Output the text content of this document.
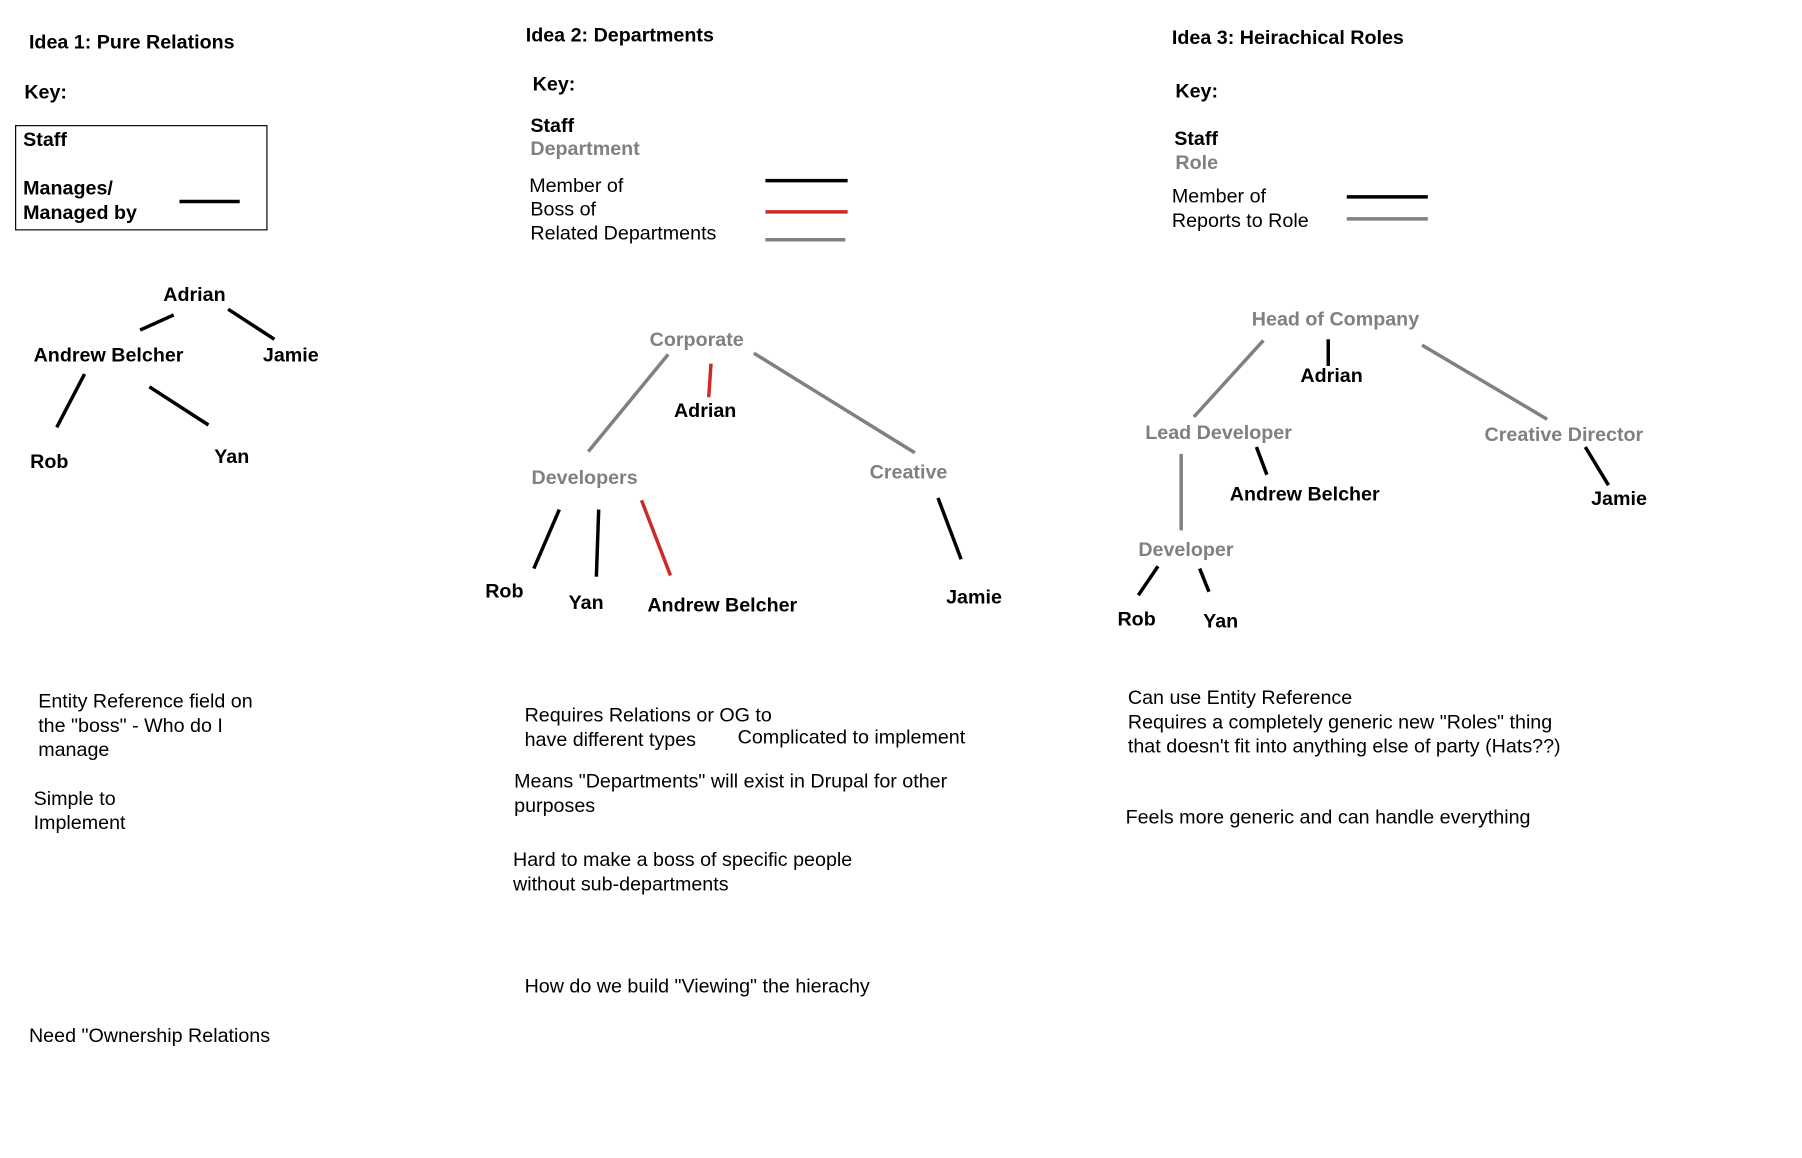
Idea 1: Pure Relations
Key:
Staff
Manages/
Managed by
Adrian
Andrew Belcher	Jamie
Rob	Yan
Entity Reference field on
the "boss" - Who do I
manage
Simple to
Implement
Need "Ownership Relations
Idea 2: Departments
Key:
Staff
Department
Member of
Boss of
Related Departments
Corporate
Adrian
Developers	Creative
Rob
Yan	Andrew Belcher	Jamie
Requires Relations or OG to
have different types Complicated to implement
Means "Departments" will exist in Drupal for other
purposes
Hard to make a boss of specific people
without sub-departments
How do we build "Viewing" the hierachy
Idea 3: Heirachical Roles
Key:
Staff
Role
Member of
Reports to Role
Head of Company
Adrian
Lead Developer
Andrew Belcher
Creative Director
Jamie
Developer
Rob	Yan
Can use Entity Reference
Requires a completely generic new "Roles" thing
that doesn't fit into anything else of party (Hats??)
Feels more generic and can handle everything
